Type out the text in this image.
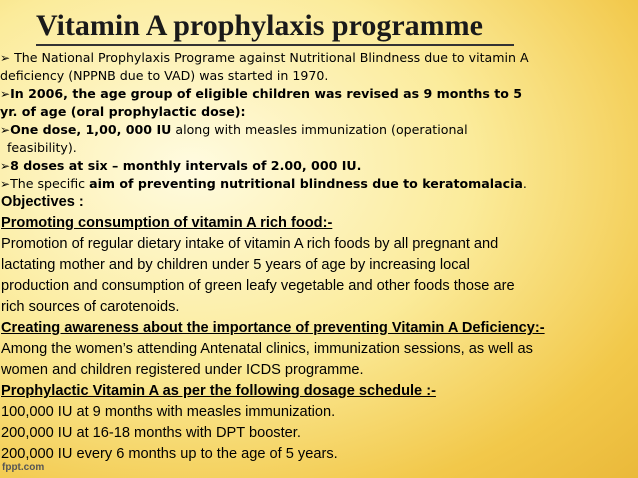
Vitamin A prophylaxis programme
➢ The National Prophylaxis Programe against Nutritional Blindness due to vitamin A
deficiency (NPPNB due to VAD) was started in 1970.
➢In 2006, the age group of eligible children was revised as 9 months to 5
yr. of age (oral prophylactic dose):
➢One dose, 1,00, 000 IU along with measles immunization (operational
feasibility).
➢8 doses at six – monthly intervals of 2.00, 000 IU.
➢The specific aim of preventing nutritional blindness due to keratomalacia.
Objectives :
Promoting consumption of vitamin A rich food:-
Promotion of regular dietary intake of vitamin A rich foods by all pregnant and
lactating mother and by children under 5 years of age by increasing local
production and consumption of green leafy vegetable and other foods those are
rich sources of carotenoids.
Creating awareness about the importance of preventing Vitamin A Deficiency:-
Among the women’s attending Antenatal clinics, immunization sessions, as well as
women and children registered under ICDS programme.
Prophylactic Vitamin A as per the following dosage schedule :-
100,000 IU at 9 months with measles immunization.
200,000 IU at 16-18 months with DPT booster.
200,000 IU every 6 months up to the age of 5 years.
fppt.com
